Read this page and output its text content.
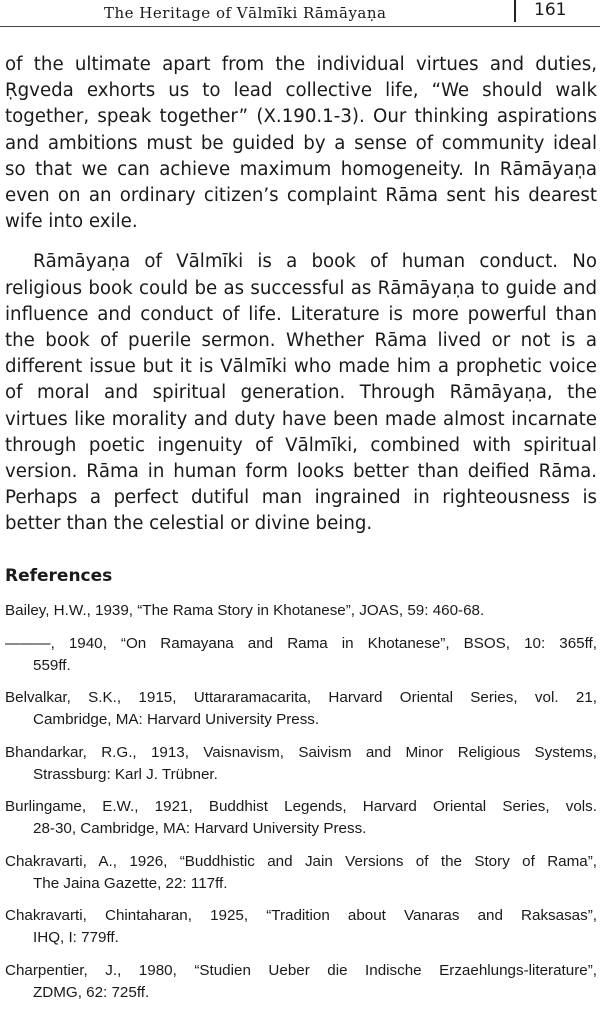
The Heritage of Vālmīki Rāmāyaṇa	161
of the ultimate apart from the individual virtues and duties,
Ṛgveda exhorts us to lead collective life, “We should walk
together, speak together” (X.190.1-3). Our thinking aspirations
and ambitions must be guided by a sense of community ideal
so that we can achieve maximum homogeneity. In Rāmāyaṇa
even on an ordinary citizen’s complaint Rāma sent his dearest
wife into exile.
Rāmāyaṇa of Vālmīki is a book of human conduct. No
religious book could be as successful as Rāmāyaṇa to guide and
influence and conduct of life. Literature is more powerful than
the book of puerile sermon. Whether Rāma lived or not is a
different issue but it is Vālmīki who made him a prophetic voice
of moral and spiritual generation. Through Rāmāyaṇa, the
virtues like morality and duty have been made almost incarnate
through poetic ingenuity of Vālmīki, combined with spiritual
version. Rāma in human form looks better than deified Rāma.
Perhaps a perfect dutiful man ingrained in righteousness is
better than the celestial or divine being.
References
Bailey, H.W., 1939, “The Rama Story in Khotanese”, JOAS, 59: 460-68.
———, 1940, “On Ramayana and Rama in Khotanese”, BSOS, 10: 365ff,
559ff.
Belvalkar, S.K., 1915, Uttararamacarita, Harvard Oriental Series, vol. 21,
Cambridge, MA: Harvard University Press.
Bhandarkar, R.G., 1913, Vaisnavism, Saivism and Minor Religious Systems,
Strassburg: Karl J. Trübner.
Burlingame, E.W., 1921, Buddhist Legends, Harvard Oriental Series, vols.
28-30, Cambridge, MA: Harvard University Press.
Chakravarti, A., 1926, “Buddhistic and Jain Versions of the Story of Rama”,
The Jaina Gazette, 22: 117ff.
Chakravarti, Chintaharan, 1925, “Tradition about Vanaras and Raksasas”,
IHQ, I: 779ff.
Charpentier, J., 1980, “Studien Ueber die Indische Erzaehlungs-literature”,
ZDMG, 62: 725ff.
